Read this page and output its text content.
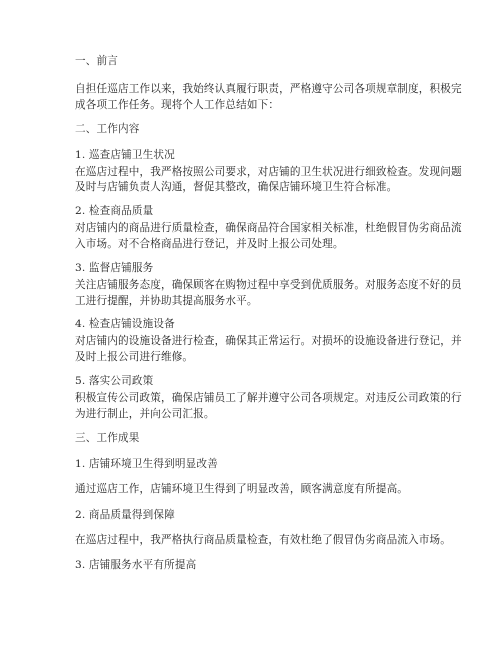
一、前言
自担任巡店工作以来，我始终认真履行职责，严格遵守公司各项规章制度，积极完
成各项工作任务。现将个人工作总结如下：
二、工作内容
1. 巡查店铺卫生状况
在巡店过程中，我严格按照公司要求，对店铺的卫生状况进行细致检查。发现问题
及时与店铺负责人沟通，督促其整改，确保店铺环境卫生符合标准。
2. 检查商品质量
对店铺内的商品进行质量检查，确保商品符合国家相关标准，杜绝假冒伪劣商品流
入市场。对不合格商品进行登记，并及时上报公司处理。
3. 监督店铺服务
关注店铺服务态度，确保顾客在购物过程中享受到优质服务。对服务态度不好的员
工进行提醒，并协助其提高服务水平。
4. 检查店铺设施设备
对店铺内的设施设备进行检查，确保其正常运行。对损坏的设施设备进行登记，并
及时上报公司进行维修。
5. 落实公司政策
积极宣传公司政策，确保店铺员工了解并遵守公司各项规定。对违反公司政策的行
为进行制止，并向公司汇报。
三、工作成果
1. 店铺环境卫生得到明显改善
通过巡店工作，店铺环境卫生得到了明显改善，顾客满意度有所提高。
2. 商品质量得到保障
在巡店过程中，我严格执行商品质量检查，有效杜绝了假冒伪劣商品流入市场。
3. 店铺服务水平有所提高
